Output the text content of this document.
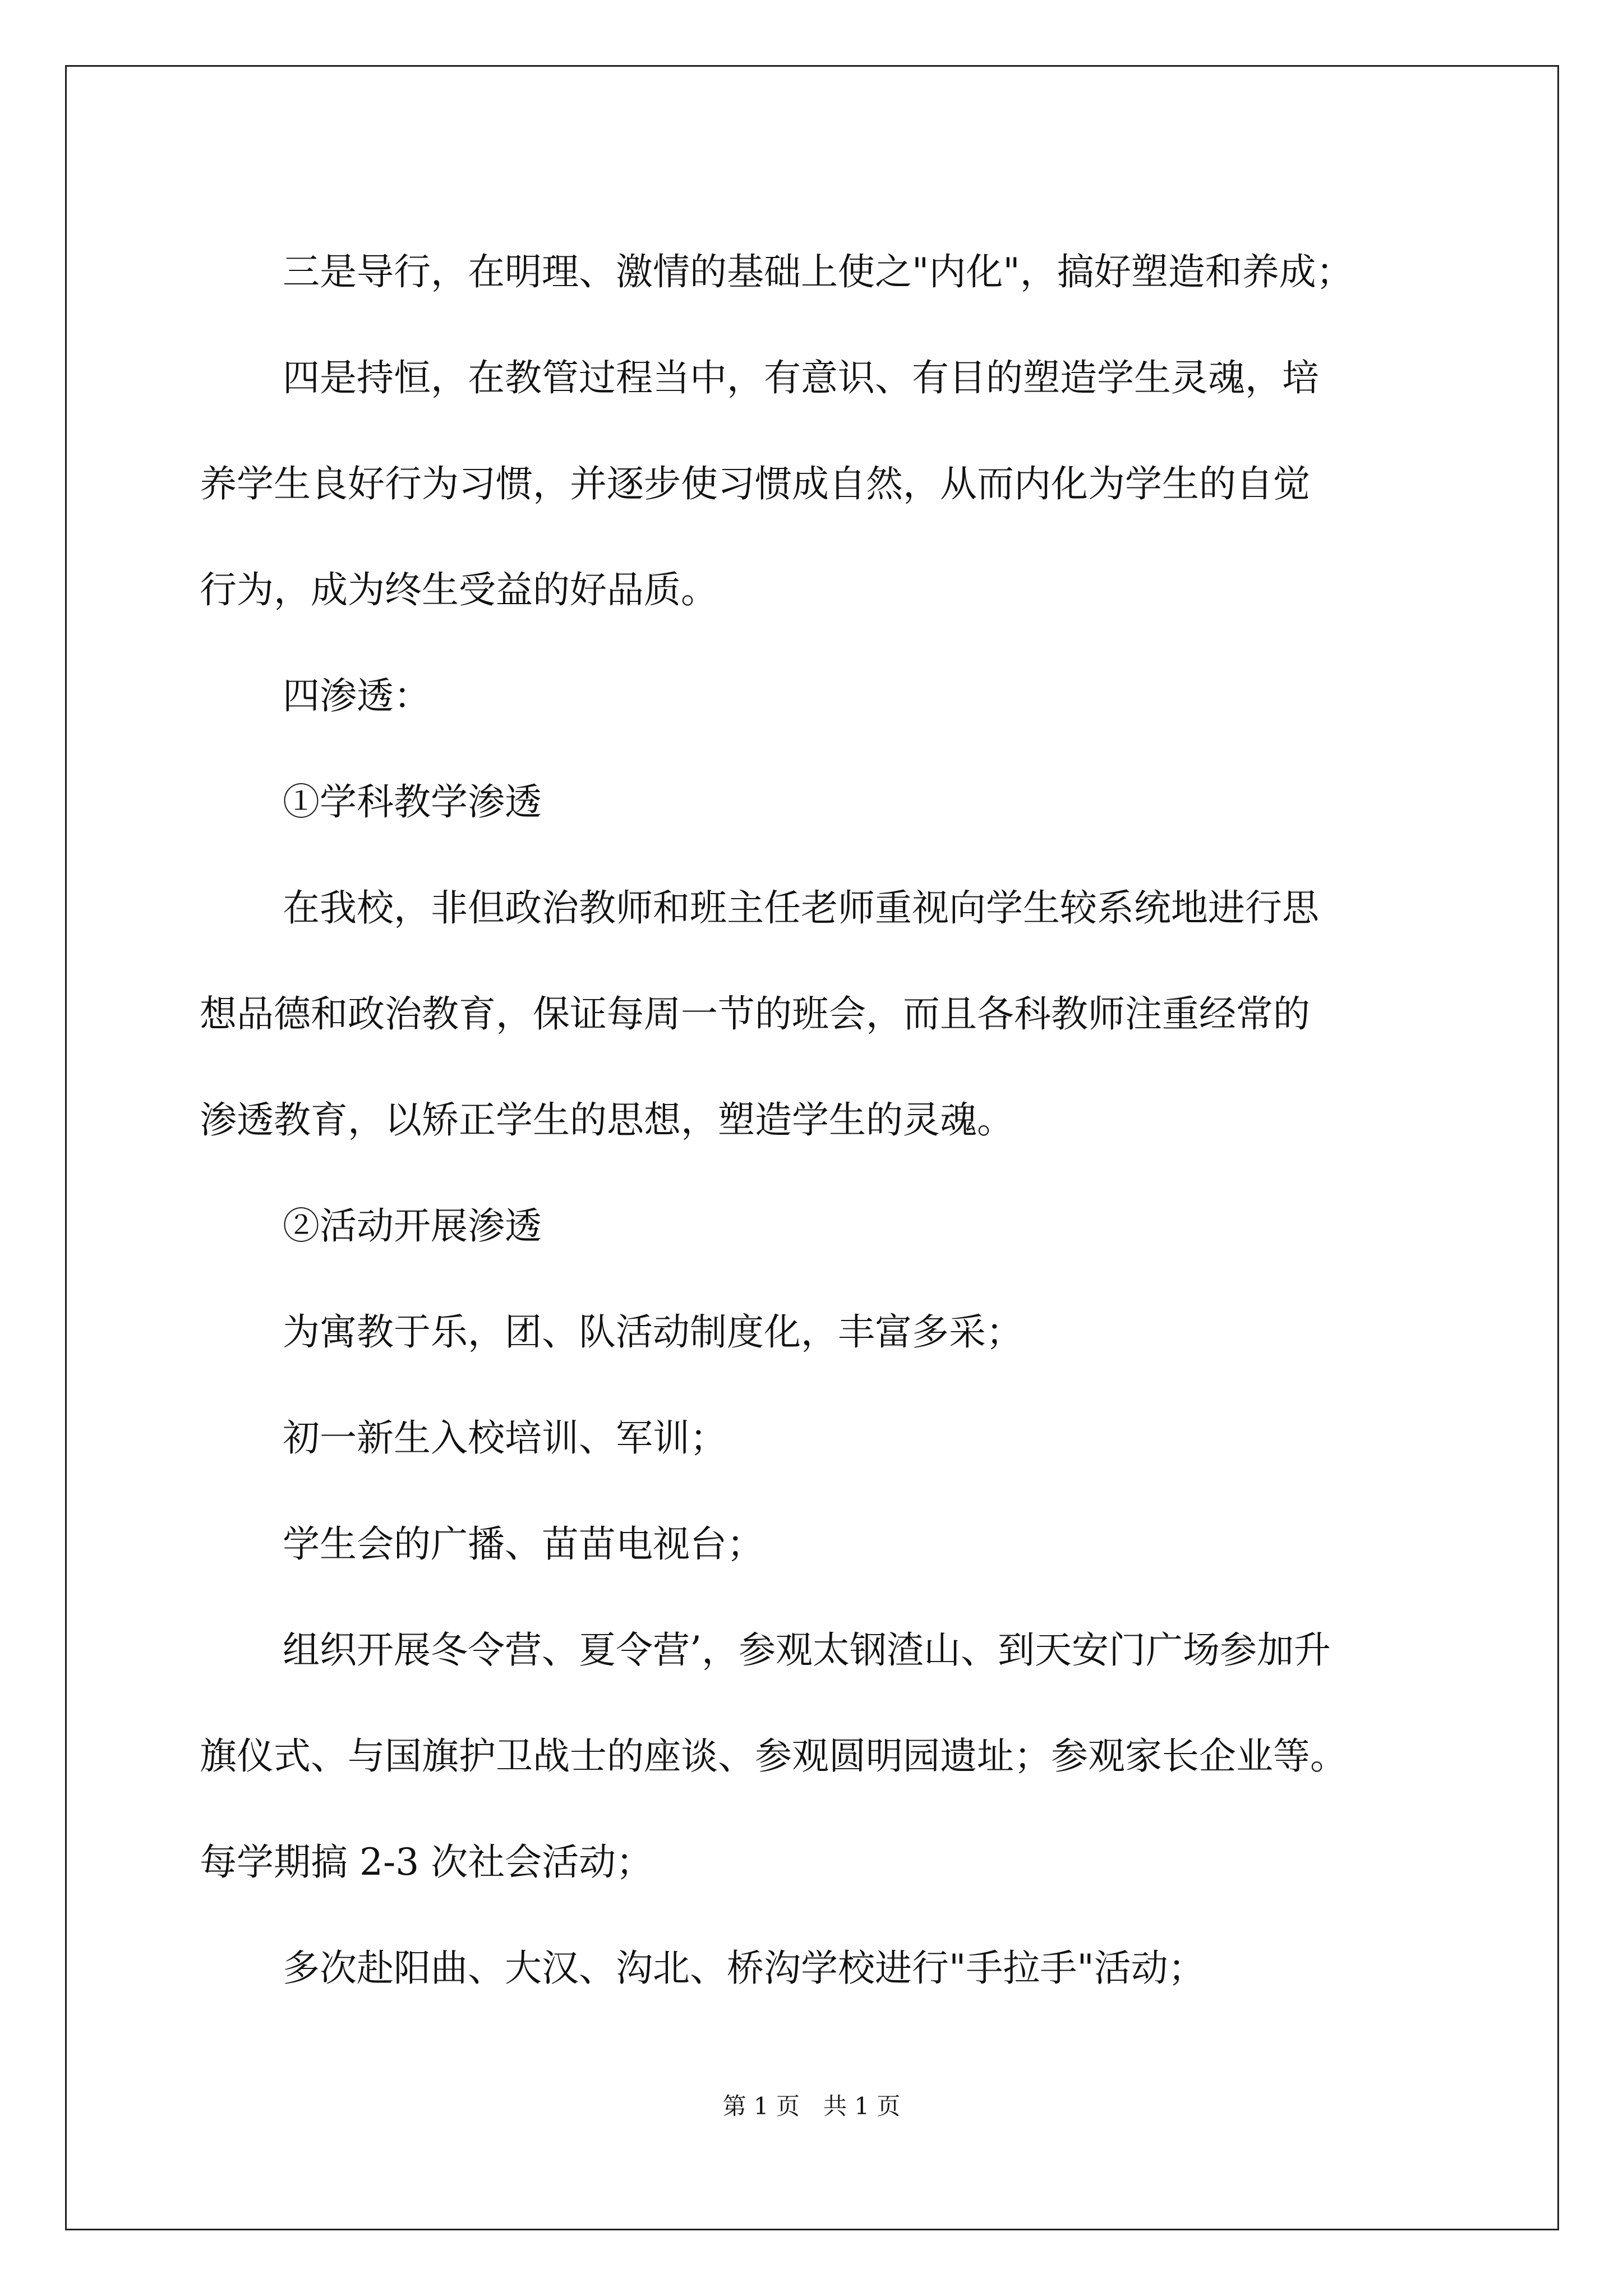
三是导行，在明理、激情的基础上使之"内化"，搞好塑造和养成；

四是持恒，在教管过程当中，有意识、有目的塑造学生灵魂，培

养学生良好行为习惯，并逐步使习惯成自然，从而内化为学生的自觉

行为，成为终生受益的好品质。

四渗透：

①学科教学渗透

在我校，非但政治教师和班主任老师重视向学生较系统地进行思

想品德和政治教育，保证每周一节的班会，而且各科教师注重经常的

渗透教育，以矫正学生的思想，塑造学生的灵魂。

②活动开展渗透

为寓教于乐，团、队活动制度化，丰富多采；

初一新生入校培训、军训；

学生会的广播、苗苗电视台；

组织开展冬令营、夏令营’，参观太钢渣山、到天安门广场参加升

旗仪式、与国旗护卫战士的座谈、参观圆明园遗址；参观家长企业等。

每学期搞 2-3 次社会活动；

多次赴阳曲、大汉、沟北、桥沟学校进行"手拉手"活动；

第 1 页　共 1 页
